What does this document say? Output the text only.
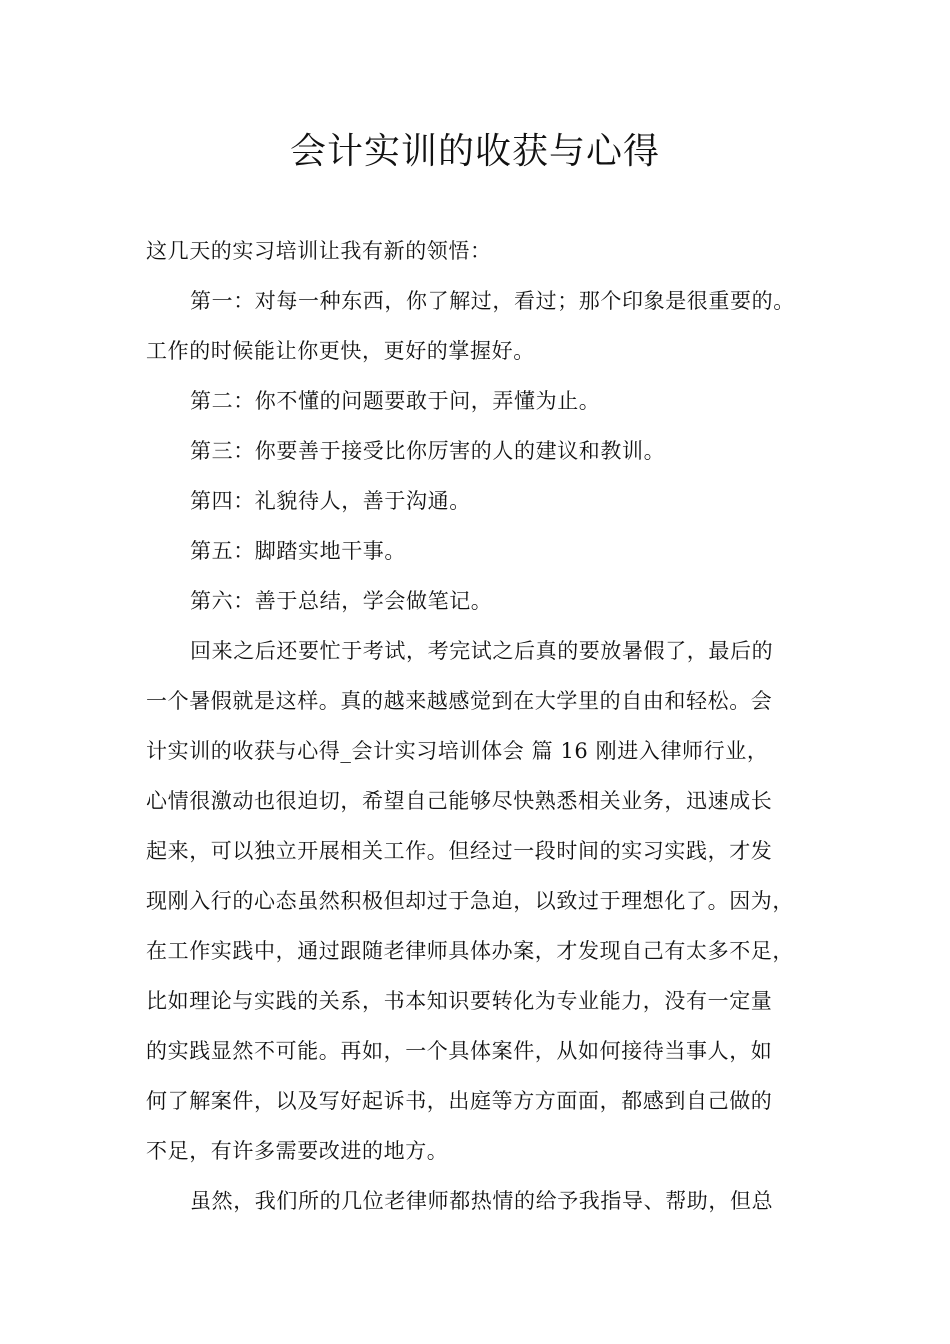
会计实训的收获与心得
这几天的实习培训让我有新的领悟：
第一：对每一种东西，你了解过，看过；那个印象是很重要的。
工作的时候能让你更快，更好的掌握好。
第二：你不懂的问题要敢于问，弄懂为止。
第三：你要善于接受比你厉害的人的建议和教训。
第四：礼貌待人，善于沟通。
第五：脚踏实地干事。
第六：善于总结，学会做笔记。
回来之后还要忙于考试，考完试之后真的要放暑假了，最后的
一个暑假就是这样。真的越来越感觉到在大学里的自由和轻松。会
计实训的收获与心得_会计实习培训体会 篇 16 刚进入律师行业，
心情很激动也很迫切，希望自己能够尽快熟悉相关业务，迅速成长
起来，可以独立开展相关工作。但经过一段时间的实习实践，才发
现刚入行的心态虽然积极但却过于急迫，以致过于理想化了。因为，
在工作实践中，通过跟随老律师具体办案，才发现自己有太多不足，
比如理论与实践的关系，书本知识要转化为专业能力，没有一定量
的实践显然不可能。再如，一个具体案件，从如何接待当事人，如
何了解案件，以及写好起诉书，出庭等方方面面，都感到自己做的
不足，有许多需要改进的地方。
虽然，我们所的几位老律师都热情的给予我指导、帮助，但总
